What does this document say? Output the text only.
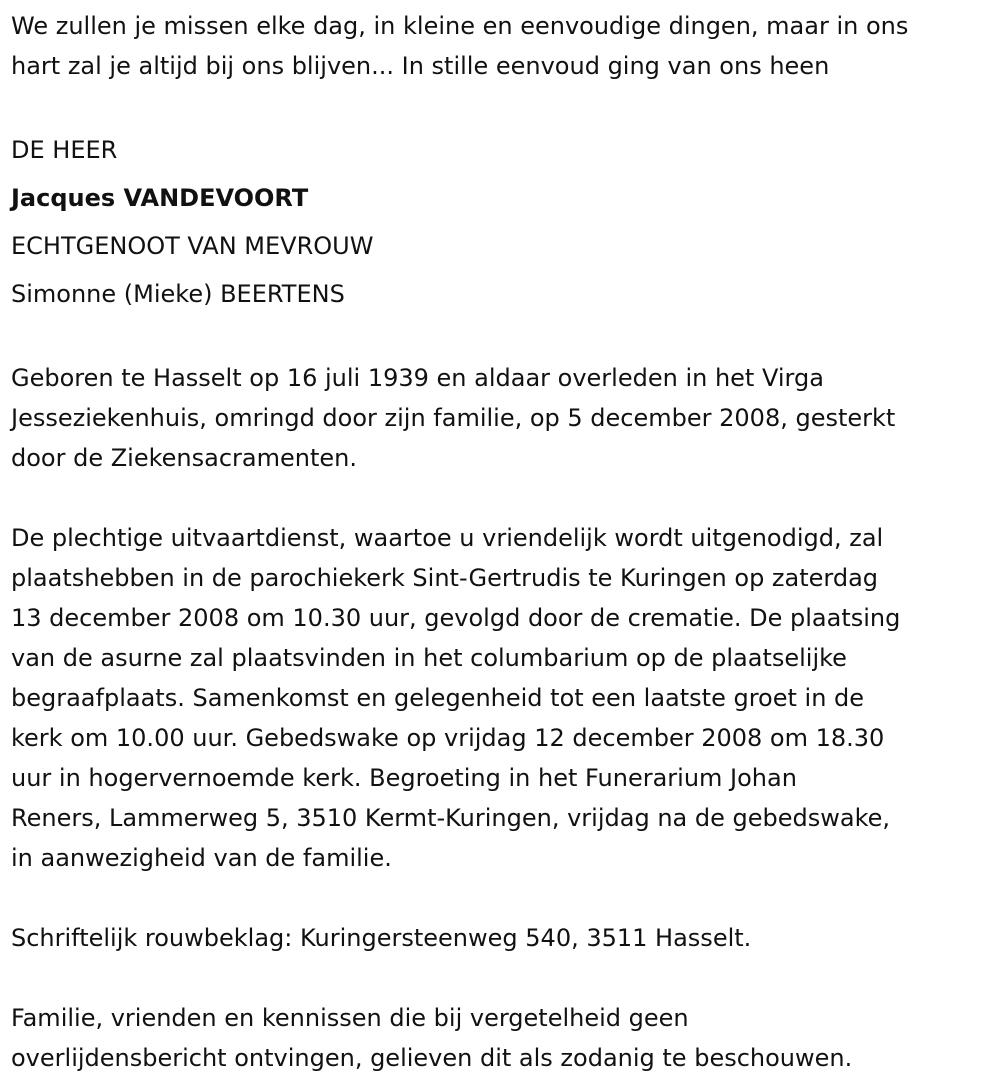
We zullen je missen elke dag, in kleine en eenvoudige dingen, maar in ons
hart zal je altijd bij ons blijven... In stille eenvoud ging van ons heen
DE HEER
Jacques VANDEVOORT
ECHTGENOOT VAN MEVROUW
Simonne (Mieke) BEERTENS
Geboren te Hasselt op 16 juli 1939 en aldaar overleden in het Virga
Jesseziekenhuis, omringd door zijn familie, op 5 december 2008, gesterkt
door de Ziekensacramenten.
De plechtige uitvaartdienst, waartoe u vriendelijk wordt uitgenodigd, zal
plaatshebben in de parochiekerk Sint-Gertrudis te Kuringen op zaterdag
13 december 2008 om 10.30 uur, gevolgd door de crematie. De plaatsing
van de asurne zal plaatsvinden in het columbarium op de plaatselijke
begraafplaats. Samenkomst en gelegenheid tot een laatste groet in de
kerk om 10.00 uur. Gebedswake op vrijdag 12 december 2008 om 18.30
uur in hogervernoemde kerk. Begroeting in het Funerarium Johan
Reners, Lammerweg 5, 3510 Kermt-Kuringen, vrijdag na de gebedswake,
in aanwezigheid van de familie.
Schriftelijk rouwbeklag: Kuringersteenweg 540, 3511 Hasselt.
Familie, vrienden en kennissen die bij vergetelheid geen
overlijdensbericht ontvingen, gelieven dit als zodanig te beschouwen.
